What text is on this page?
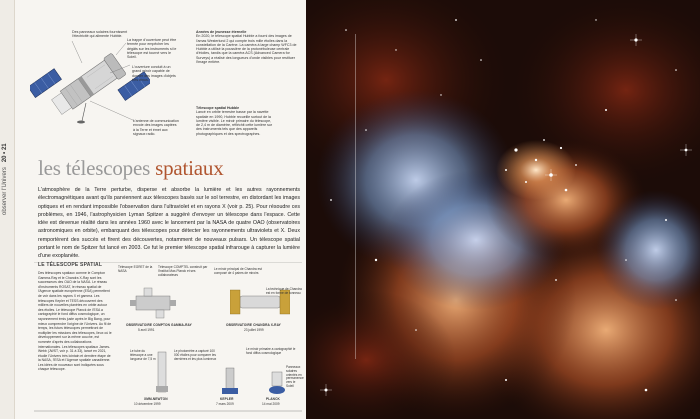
observer l'Univers   20 • 21
Des panneaux solaires fournissent l'électricité qui alimente Hubble.
La trappe d'ouverture peut être fermée pour empêcher les dégâts sur les instruments si le télescope est tourné vers le Soleil.
L'ouverture conduit à un grand miroir capable de donner des images d'objets très ténus.
L'antenne de communication envoie des images captées à la Terre et émet aux signaux radio.
Années de jeunesse éternelle
En 2020, le télescope spatial Hubble a fourni des images de l'amas Westerlund 2 qui compte trois mille étoiles dans la constellation de la Carène. La caméra à large champ WFC3 de Hubble a utilisé la poussière de la protonébuleuse centrale d'étoiles, tandis que la caméra ACS (Advanced Camera for Surveys) a réalisé des longueurs d'onde visibles pour restituer l'image entière.
Télescope spatial Hubble
Lancé en orbite terrestre basse par la navette spatiale en 1990, Hubble recueille surtout de la lumière visible. Le miroir primaire du télescope, de 2,4 m de diamètre, réfléchit cette lumière sur des instruments tels que des appareils photographiques et des spectrographes.
les télescopes spatiaux
L'atmosphère de la Terre perturbe, disperse et absorbe la lumière et les autres rayonnements électromagnétiques avant qu'ils parviennent aux télescopes basés sur le sol terrestre, en distordant les images optiques et en rendant impossible l'observation dans l'ultraviolet et en rayons X (voir p. 25). Pour résoudre ces problèmes, en 1946, l'astrophysicien Lyman Spitzer a suggéré d'envoyer un télescope dans l'espace. Cette idée est devenue réalité dans les années 1960 avec le lancement par la NASA de quatre OAO (observatoires astronomiques en orbite), embarquant des télescopes pour détecter les rayonnements ultraviolets et X. Deux remportèrent des succès et firent des découvertes, notamment de nouveaux pulsars. Un télescope spatial portant le nom de Spitzer fut lancé en 2003. Ce fut le premier télescope spatial infrarouge à capturer la lumière d'une exoplanète.
LE TÉLESCOPE SPATIAL
Des télescopes spatiaux comme le Compton Gamma-Ray et le Chandra X-Ray sont les successeurs des OAO de la NASA. Le réseau d'instruments ROSAT, le réseau spatial de l'Agence spatiale européenne (ESA) permettent de voir dans les rayons X et gamma. Les télescopes Kepler et TESS découvrent des milliers de nouvelles planètes en orbite autour des étoiles. Le télescope Planck de l'ESA a cartographié le fond diffus cosmologique, un rayonnement émis juste après le Big Bang, pour mieux comprendre l'origine de l'Univers. Au fil de temps, les futurs télescopes permettront de multiplier les missions des télescopes, lieux où le développement sur la même couche, est nommée d'après des collaborations internationales. Les télescopes spatiaux James-Webb (JWST, voir p. 31 à 33), lancé en 2021, étudie l'Univers très lointain et dernière étape de la NASA, l'ESA et l'Agence spatiale canadienne. Les idées de nouveaux sont indiquées sous chaque télescope.
Télescope EGRET de la NASA
Télescope COMPTEL construit par l'institut Max-Planck et ses collaborateurs
OBSERVATOIRE COMPTON GAMMA-RAY
5 avril 1991
Le miroir principal de Chandra est composé de 4 paires de miroirs
La technique de Chandra est en forme de tonneau
OBSERVATOIRE CHANDRA X-RAY
23 juillet 1999
Le tube du télescope a une longueur de 7,5 m
Le photomètre a capturé 100 000 étoiles pour comparer les dernières et les plus lumineux
XMM-NEWTON
10 décembre 1999
KEPLER
7 mars 2009
Le miroir primaire a cartographié le fond diffus cosmologique
Panneaux solaires orientés en permanence vers le Soleil
PLANCK
14 mai 2009
